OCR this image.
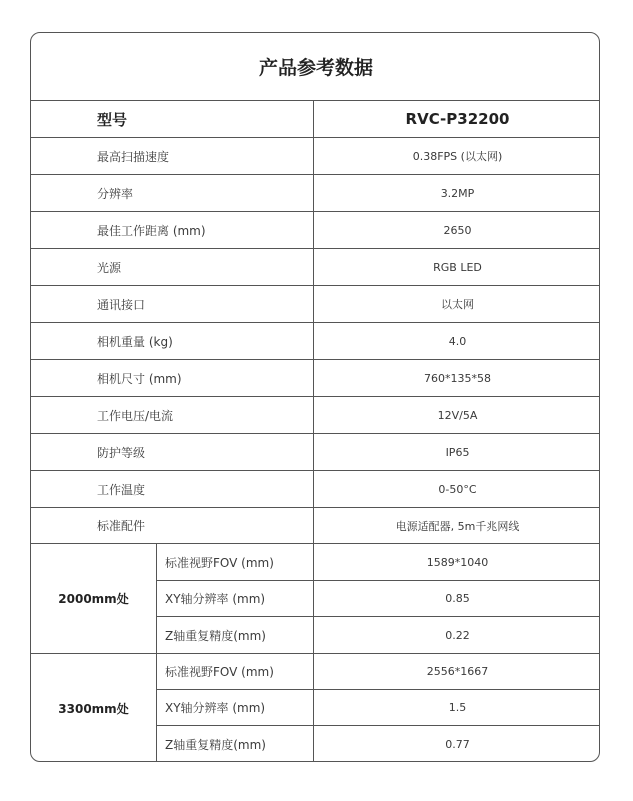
产品参考数据
型号	RVC-P32200
最高扫描速度	0.38FPS (以太网)
分辨率	3.2MP
最佳工作距离 (mm)	2650
光源	RGB LED
通讯接口	以太网
相机重量 (kg)	4.0
相机尺寸 (mm)	760*135*58
工作电压/电流	12V/5A
防护等级	IP65
工作温度	0-50°C
标准配件	电源适配器, 5m千兆网线
2000mm处
标准视野FOV (mm)	1589*1040
XY轴分辨率 (mm)	0.85
Z轴重复精度(mm)	0.22
3300mm处
标准视野FOV (mm)	2556*1667
XY轴分辨率 (mm)	1.5
Z轴重复精度(mm)	0.77
